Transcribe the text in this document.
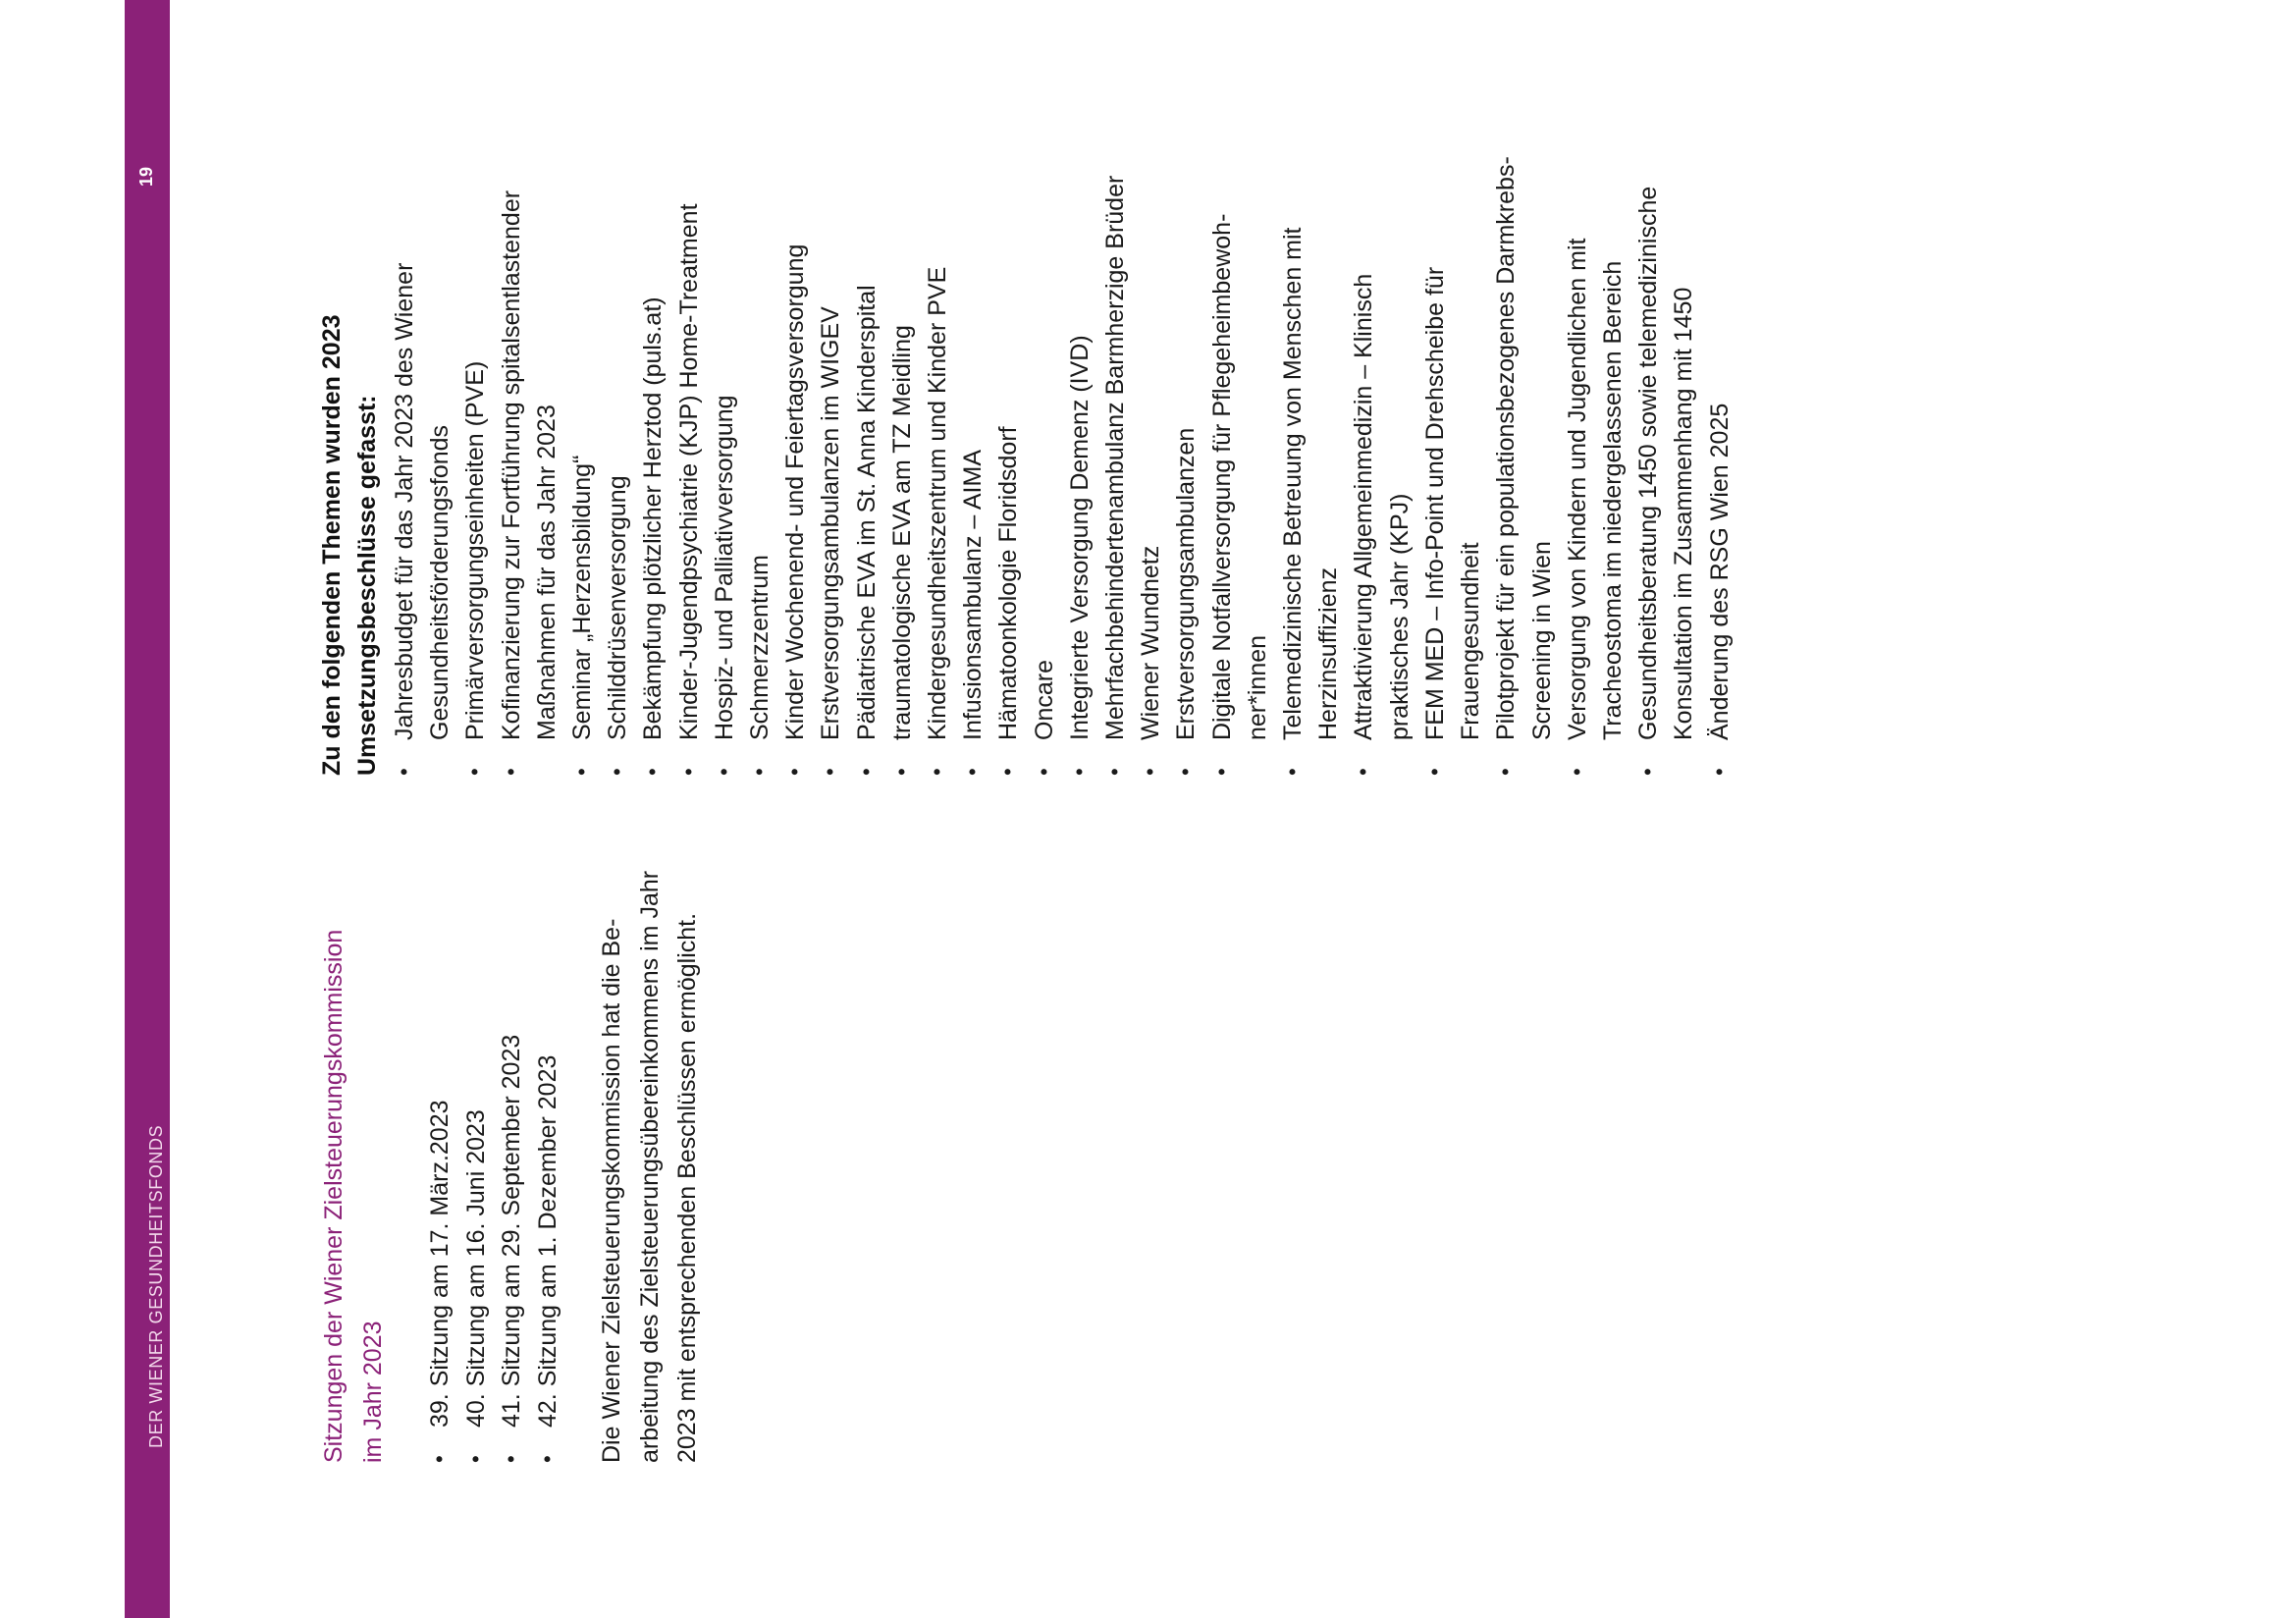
DER WIENER GESUNDHEITSFONDS
19
Sitzungen der Wiener Zielsteuerungskommission im Jahr 2023 • 39. Sitzung am 17. März.2023 • 40. Sitzung am 16. Juni 2023 • 41. Sitzung am 29. September 2023 • 42. Sitzung am 1. Dezember 2023 Die Wiener Zielsteuerungskommission hat die Be- arbeitung des Zielsteuerungsübereinkommens im Jahr 2023 mit entsprechenden Beschlüssen ermöglicht.

Zu den folgenden Themen wurden 2023 Umsetzungsbeschlüsse gefasst: • Jahresbudget für das Jahr 2023 des Wiener Gesundheitsförderungsfonds • Primärversorgungseinheiten (PVE) • Kofinanzierung zur Fortführung spitalsentlastender Maßnahmen für das Jahr 2023 • Seminar „Herzensbildung“ • Schilddrüsenversorgung • Bekämpfung plötzlicher Herztod (puls.at) • Kinder-Jugendpsychiatrie (KJP) Home-Treatment • Hospiz- und Palliativversorgung • Schmerzzentrum • Kinder Wochenend- und Feiertagsversorgung • Erstversorgungsambulanzen im WIGEV • Pädiatrische EVA im St. Anna Kinderspital • traumatologische EVA am TZ Meidling • Kindergesundheitszentrum und Kinder PVE • Infusionsambulanz – AIMA • Hämatoonkologie Floridsdorf • Oncare • Integrierte Versorgung Demenz (IVD) • Mehrfachbehindertenambulanz Barmherzige Brüder • Wiener Wundnetz • Erstversorgungsambulanzen • Digitale Notfallversorgung für Pflegeheimbewoh-ner*innen • Telemedizinische Betreuung von Menschen mit Herzinsuffizienz • Attraktivierung Allgemeinmedizin – Klinisch praktisches Jahr (KPJ) • FEM MED – Info-Point und Drehscheibe für Frauengesundheit • Pilotprojekt für ein populationsbezogenes Darmkrebs-Screening in Wien • Versorgung von Kindern und Jugendlichen mit Tracheostoma im niedergelassenen Bereich • Gesundheitsberatung 1450 sowie telemedizinische Konsultation im Zusammenhang mit 1450 • Änderung des RSG Wien 2025
